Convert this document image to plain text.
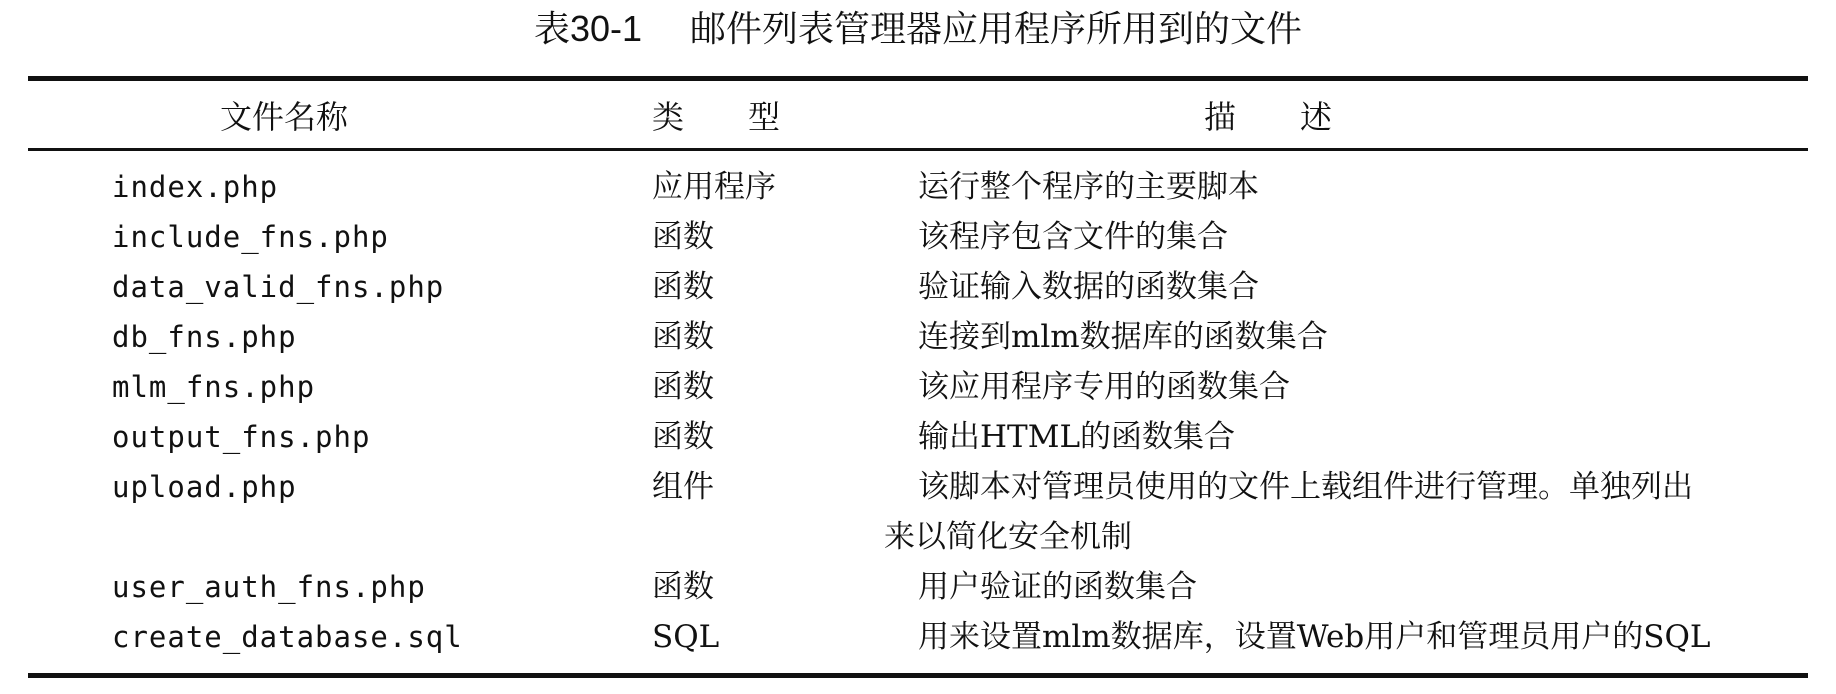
表30-1 邮件列表管理器应用程序所用到的文件
文件名称	类　　型	描　　述
index.php	应用程序	运行整个程序的主要脚本
include_fns.php	函数	该程序包含文件的集合
data_valid_fns.php	函数	验证输入数据的函数集合
db_fns.php	函数	连接到mlm数据库的函数集合
mlm_fns.php	函数	该应用程序专用的函数集合
output_fns.php	函数	输出HTML的函数集合
upload.php	组件	该脚本对管理员使用的文件上载组件进行管理。单独列出
来以简化安全机制
user_auth_fns.php	函数	用户验证的函数集合
create_database.sql	SQL	用来设置mlm数据库，设置Web用户和管理员用户的SQL
